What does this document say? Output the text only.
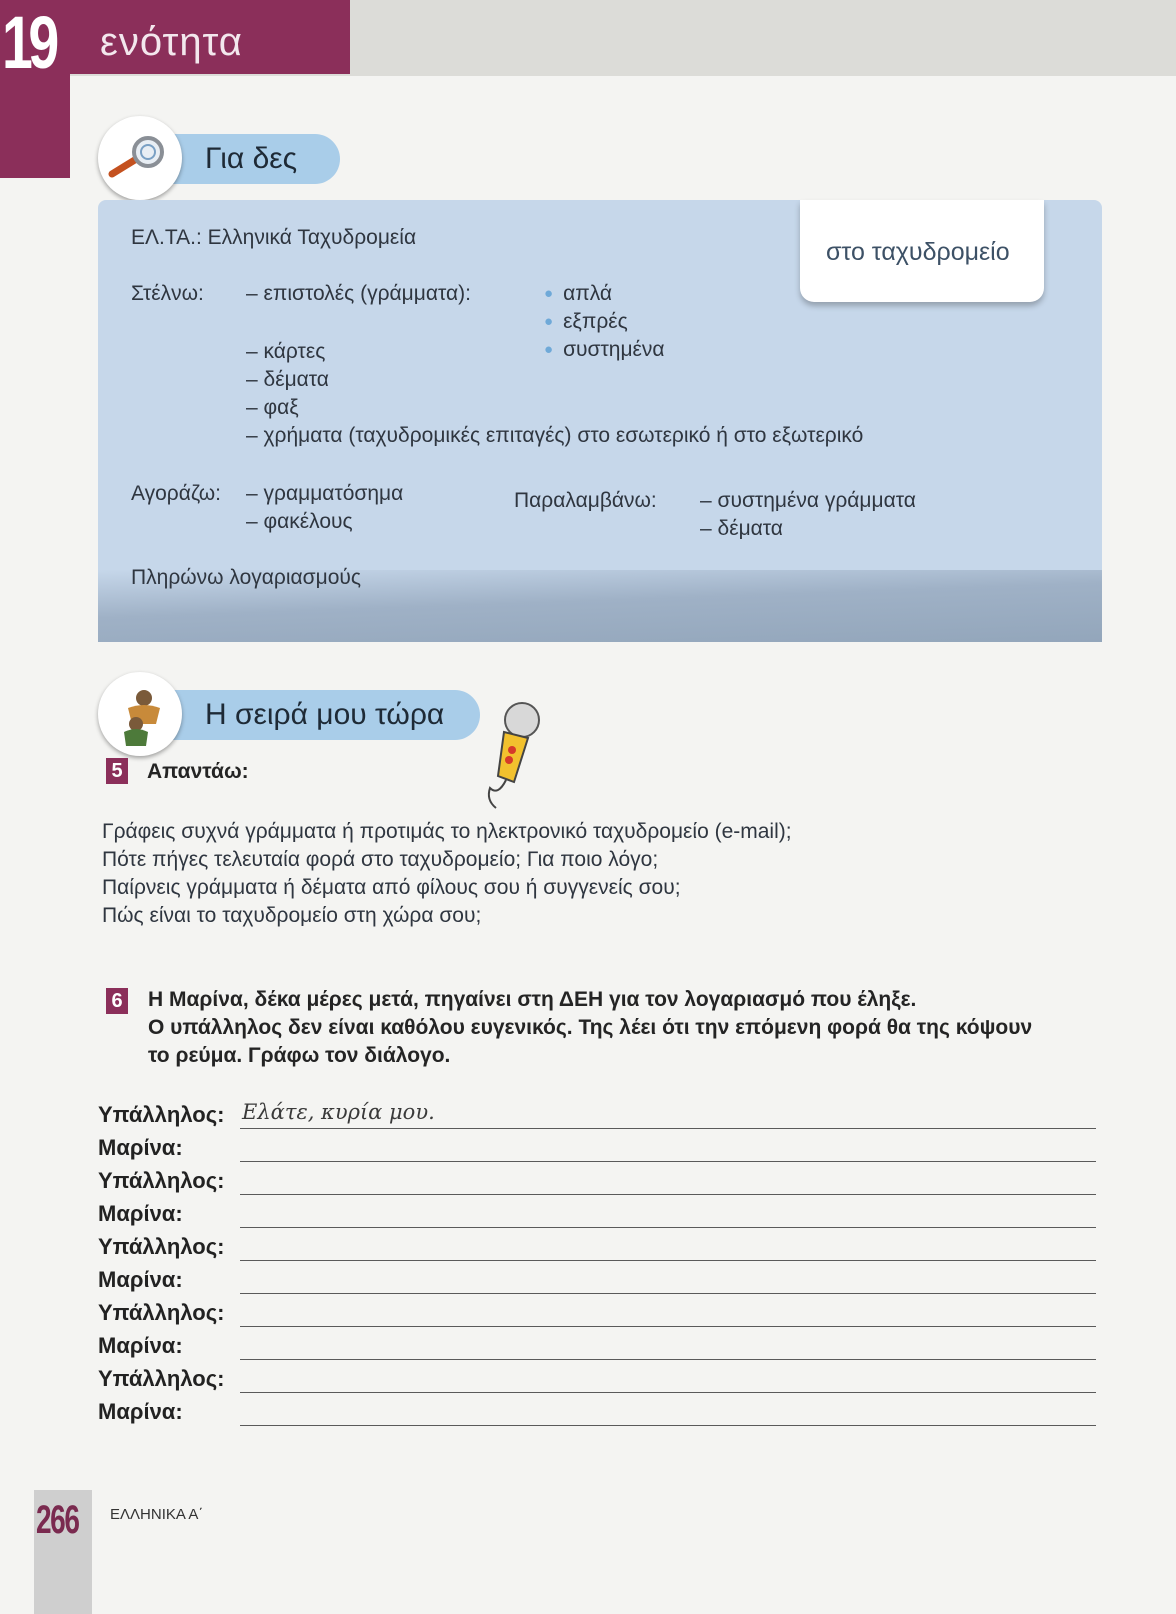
19 ενότητα
Για δες
στο ταχυδρομείο
ΕΛ.ΤΑ.: Ελληνικά Ταχυδρομεία
Στέλνω: – επιστολές (γράμματα):
– κάρτες
– δέματα
– φαξ
– χρήματα (ταχυδρομικές επιταγές) στο εσωτερικό ή στο εξωτερικό
● απλά
● εξπρές
● συστημένα
Αγοράζω: – γραμματόσημα
– φακέλους
Παραλαμβάνω: – συστημένα γράμματα
– δέματα
Πληρώνω λογαριασμούς
Η σειρά μου τώρα
5 Απαντάω:
Γράφεις συχνά γράμματα ή προτιμάς το ηλεκτρονικό ταχυδρομείο (e-mail);
Πότε πήγες τελευταία φορά στο ταχυδρομείο; Για ποιο λόγο;
Παίρνεις γράμματα ή δέματα από φίλους σου ή συγγενείς σου;
Πώς είναι το ταχυδρομείο στη χώρα σου;
6 Η Μαρίνα, δέκα μέρες μετά, πηγαίνει στη ΔΕΗ για τον λογαριασμό που έληξε.
Ο υπάλληλος δεν είναι καθόλου ευγενικός. Της λέει ότι την επόμενη φορά θα της κόψουν
το ρεύμα. Γράφω τον διάλογο.
Υπάλληλος: Ελάτε, κυρία μου.
Μαρίνα:
Υπάλληλος:
Μαρίνα:
Υπάλληλος:
Μαρίνα:
Υπάλληλος:
Μαρίνα:
Υπάλληλος:
Μαρίνα:
266 ΕΛΛΗΝΙΚΑ Α΄
